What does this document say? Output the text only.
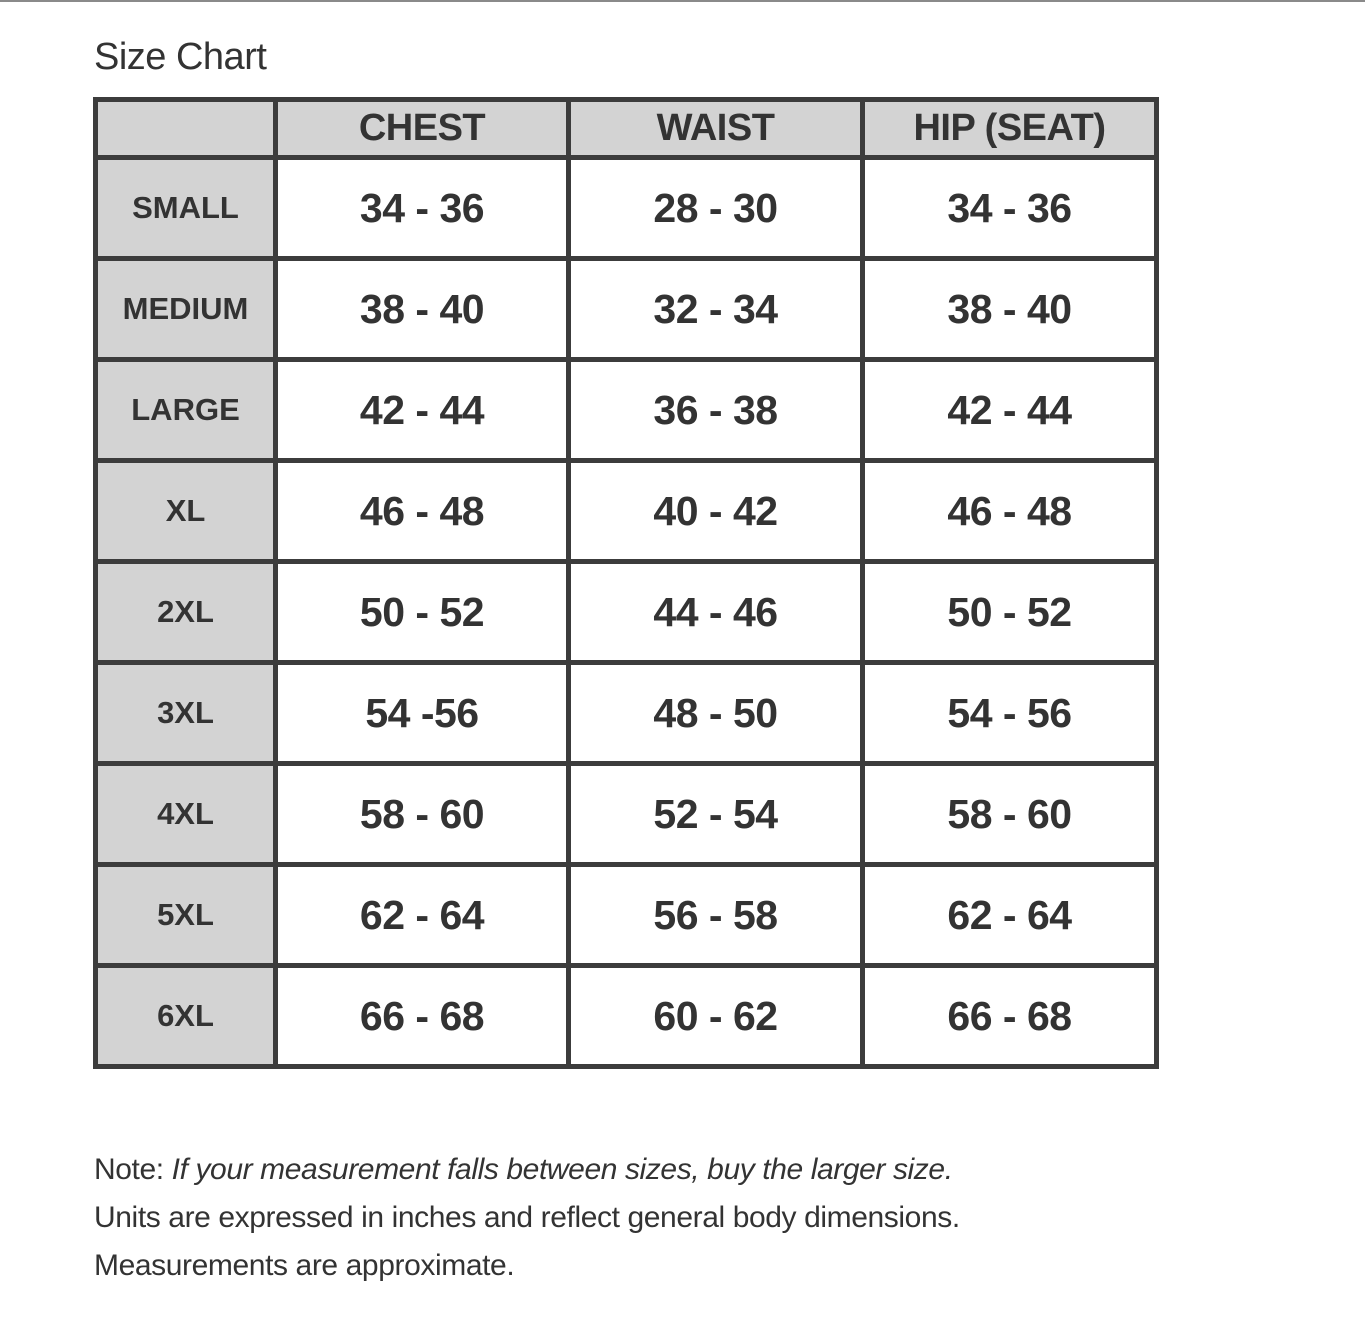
Size Chart
	CHEST	WAIST	HIP (SEAT)
SMALL	34 - 36	28 - 30	34 - 36
MEDIUM	38 - 40	32 - 34	38 - 40
LARGE	42 - 44	36 - 38	42 - 44
XL	46 - 48	40 - 42	46 - 48
2XL	50 - 52	44 - 46	50 - 52
3XL	54 -56	48 - 50	54 - 56
4XL	58 - 60	52 - 54	58 - 60
5XL	62 - 64	56 - 58	62 - 64
6XL	66 - 68	60 - 62	66 - 68

Note: If your measurement falls between sizes, buy the larger size.

Units are expressed in inches and reflect general body dimensions.

Measurements are approximate.
